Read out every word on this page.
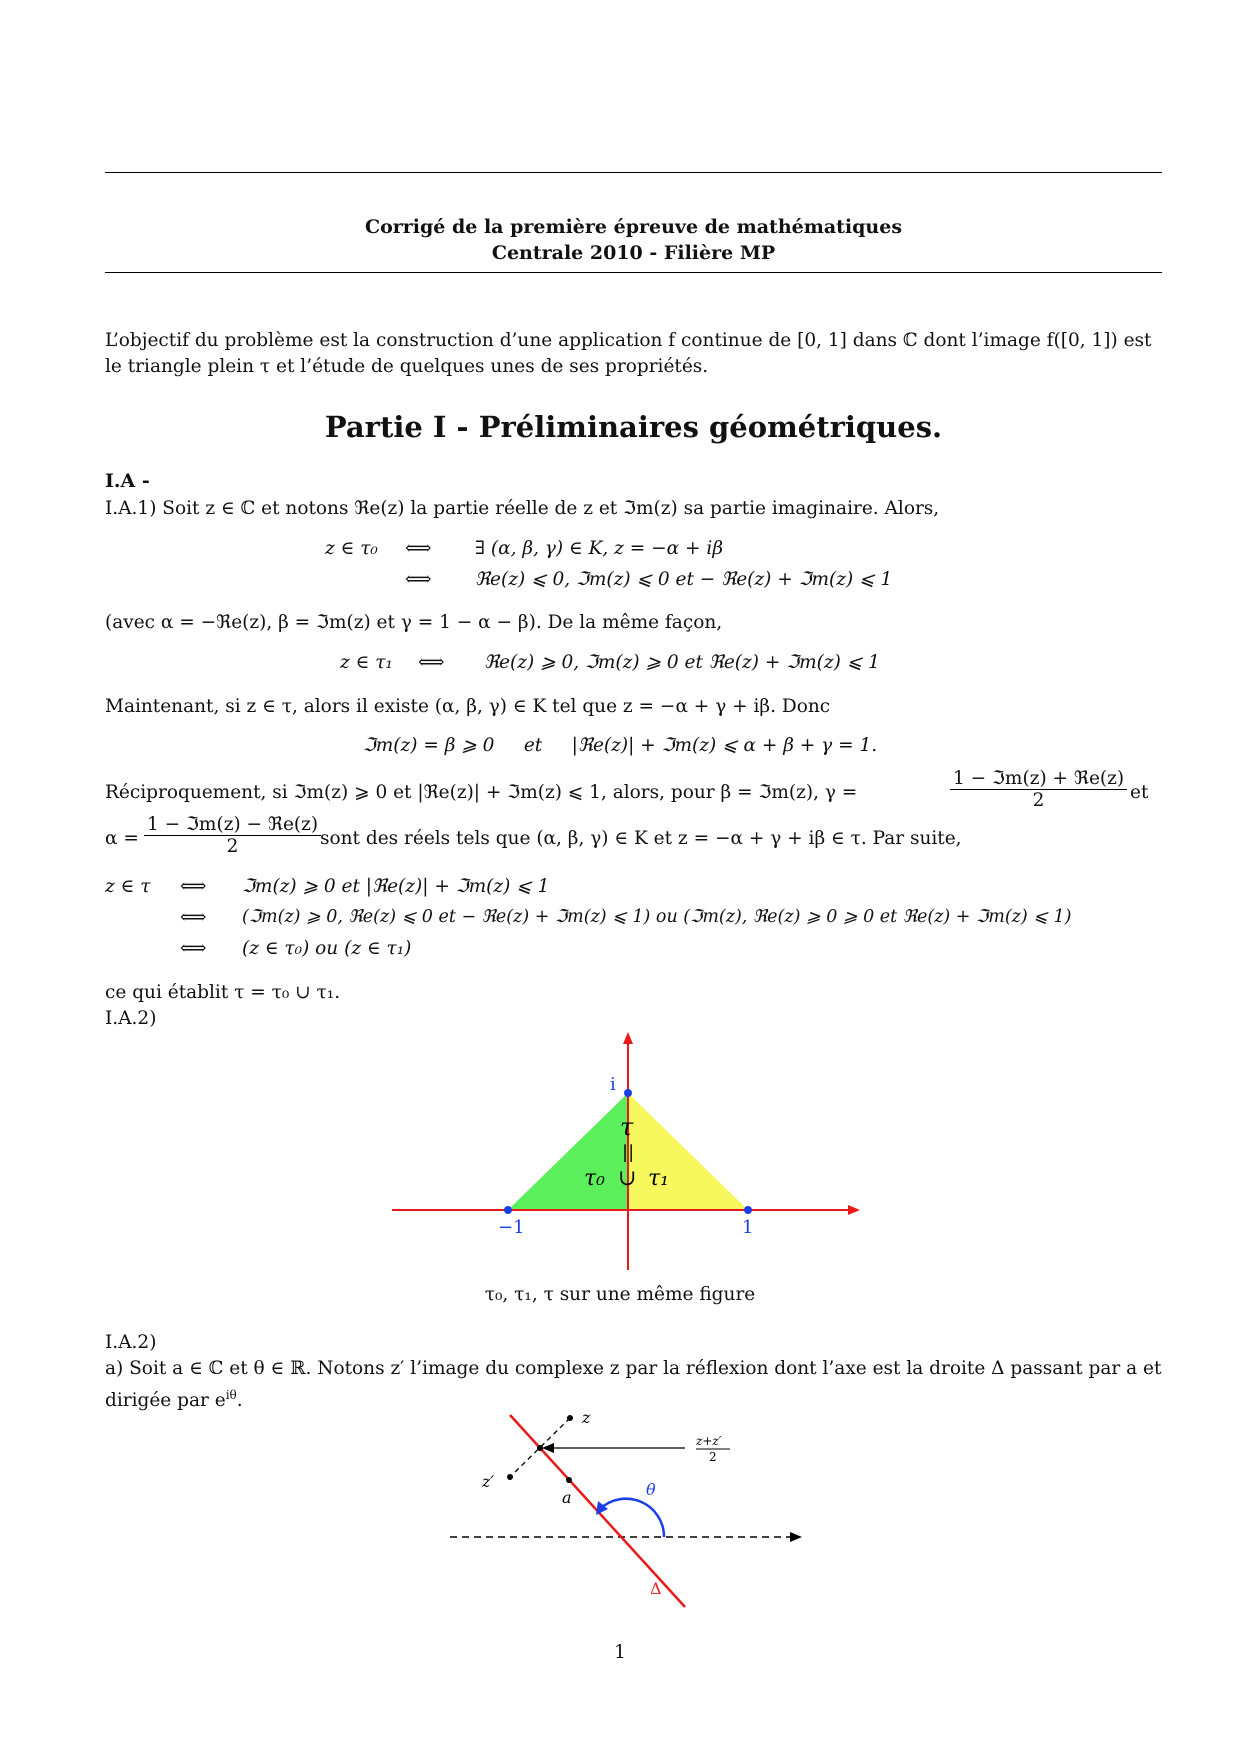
Corrigé de la première épreuve de mathématiques
Centrale 2010 - Filière MP
L’objectif du problème est la construction d’une application f continue de [0, 1] dans ℂ dont l’image f([0, 1]) est le triangle plein τ et l’étude de quelques unes de ses propriétés.
Partie I - Préliminaires géométriques.
I.A -
I.A.1) Soit z ∈ ℂ et notons ℜe(z) la partie réelle de z et ℑm(z) sa partie imaginaire. Alors,
z ∈ τ₀ ⟺ ∃ (α, β, γ) ∈ K, z = −α + iβ
⟺ ℜe(z) ⩽ 0, ℑm(z) ⩽ 0 et − ℜe(z) + ℑm(z) ⩽ 1
(avec α = −ℜe(z), β = ℑm(z) et γ = 1 − α − β). De la même façon,
z ∈ τ₁ ⟺ ℜe(z) ⩾ 0, ℑm(z) ⩾ 0 et ℜe(z) + ℑm(z) ⩽ 1
Maintenant, si z ∈ τ, alors il existe (α, β, γ) ∈ K tel que z = −α + γ + iβ. Donc
ℑm(z) = β ⩾ 0     et     |ℜe(z)| + ℑm(z) ⩽ α + β + γ = 1.
Réciproquement, si ℑm(z) ⩾ 0 et |ℜe(z)| + ℑm(z) ⩽ 1, alors, pour β = ℑm(z), γ =
1 − ℑm(z) + ℜe(z)
2	et
α =
1 − ℑm(z) − ℜe(z)
2	sont des réels tels que (α, β, γ) ∈ K et z = −α + γ + iβ ∈ τ. Par suite,
z ∈ τ ⟺ ℑm(z) ⩾ 0 et |ℜe(z)| + ℑm(z) ⩽ 1
⟺ (ℑm(z) ⩾ 0, ℜe(z) ⩽ 0 et − ℜe(z) + ℑm(z) ⩽ 1) ou (ℑm(z), ℜe(z) ⩾ 0 ⩾ 0 et ℜe(z) + ℑm(z) ⩽ 1)
⟺ (z ∈ τ₀) ou (z ∈ τ₁)
ce qui établit τ = τ₀ ∪ τ₁.
I.A.2)
i
−1	1
τ
||
τ₀ ∪ τ₁
τ₀, τ₁, τ sur une même figure
I.A.2)
a) Soit a ∈ ℂ et θ ∈ ℝ. Notons z′ l’image du complexe z par la réflexion dont l’axe est la droite Δ passant par a et dirigée par $e^{i\theta}$.
z
z′
a	θ
Δ
z+z′
2
1
